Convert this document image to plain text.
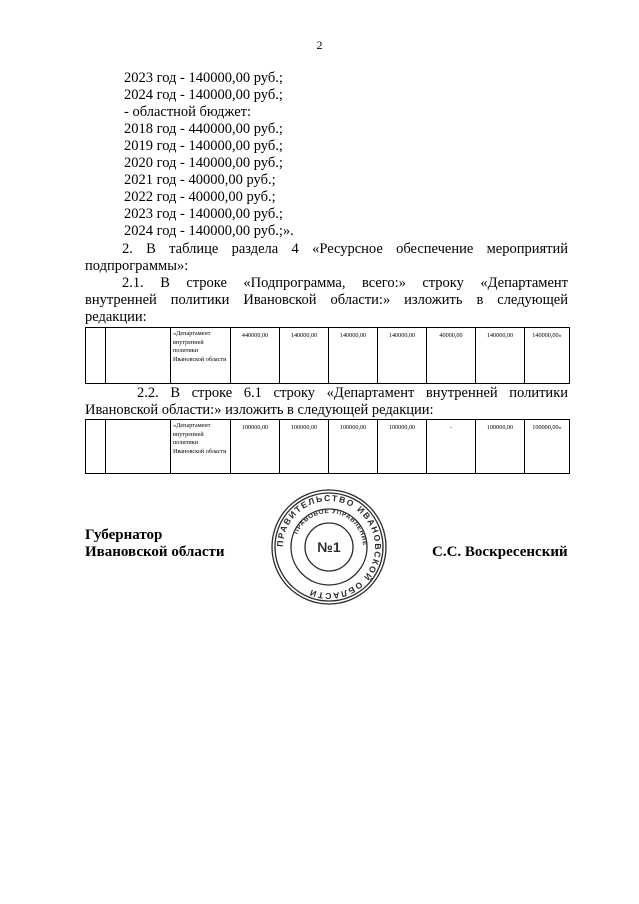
2
2023 год - 140000,00 руб.;
2024 год - 140000,00 руб.;
- областной бюджет:
2018 год - 440000,00 руб.;
2019 год - 140000,00 руб.;
2020 год - 140000,00 руб.;
2021 год - 40000,00 руб.;
2022 год - 40000,00 руб.;
2023 год - 140000,00 руб.;
2024 год - 140000,00 руб.;».
2. В таблице раздела 4 «Ресурсное обеспечение мероприятий
подпрограммы»:
2.1. В строке «Подпрограмма, всего:» строку «Департамент
внутренней политики Ивановской области:» изложить в следующей
редакции:
		«Департамент внутренней политики Ивановской области	440000,00	140000,00	140000,00	140000,00	40000,00	140000,00	140000,00»
2.2. В строке 6.1 строку «Департамент внутренней политики
Ивановской области:» изложить в следующей редакции:
		«Департамент внутренней политики Ивановской области	100000,00	100000,00	100000,00	100000,00	-	100000,00	100000,00»
Губернатор
Ивановской области	С.С. Воскресенский
ПРАВИТЕЛЬСТВО ИВАНОВСКОЙ ОБЛАСТИ
ПРАВОВОЕ УПРАВЛЕНИЕ
№1
